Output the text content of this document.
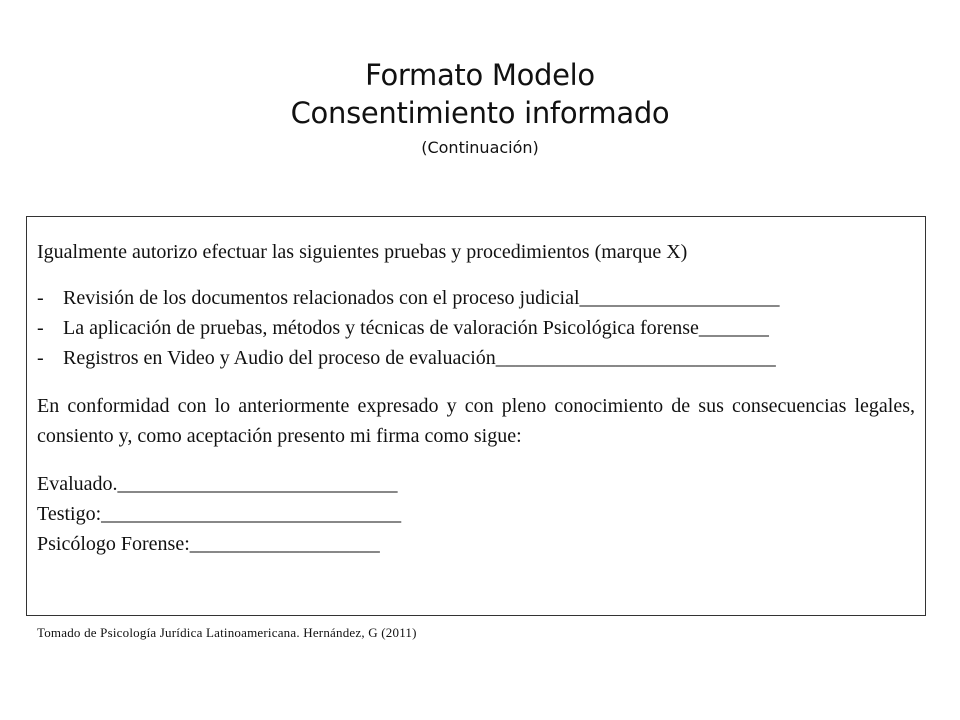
Formato Modelo
Consentimiento informado
(Continuación)

Igualmente autorizo efectuar las siguientes pruebas y procedimientos (marque X)

- Revisión de los documentos relacionados con el proceso judicial____________________
- La aplicación de pruebas, métodos y técnicas de valoración Psicológica forense_______
- Registros en Video y Audio del proceso de evaluación____________________________

En conformidad con lo anteriormente expresado y con pleno conocimiento de sus consecuencias legales, consiento y, como aceptación presento mi firma como sigue:

Evaluado.____________________________

Testigo:______________________________

Psicólogo Forense:___________________

Tomado de Psicología Jurídica Latinoamericana. Hernández, G (2011)
